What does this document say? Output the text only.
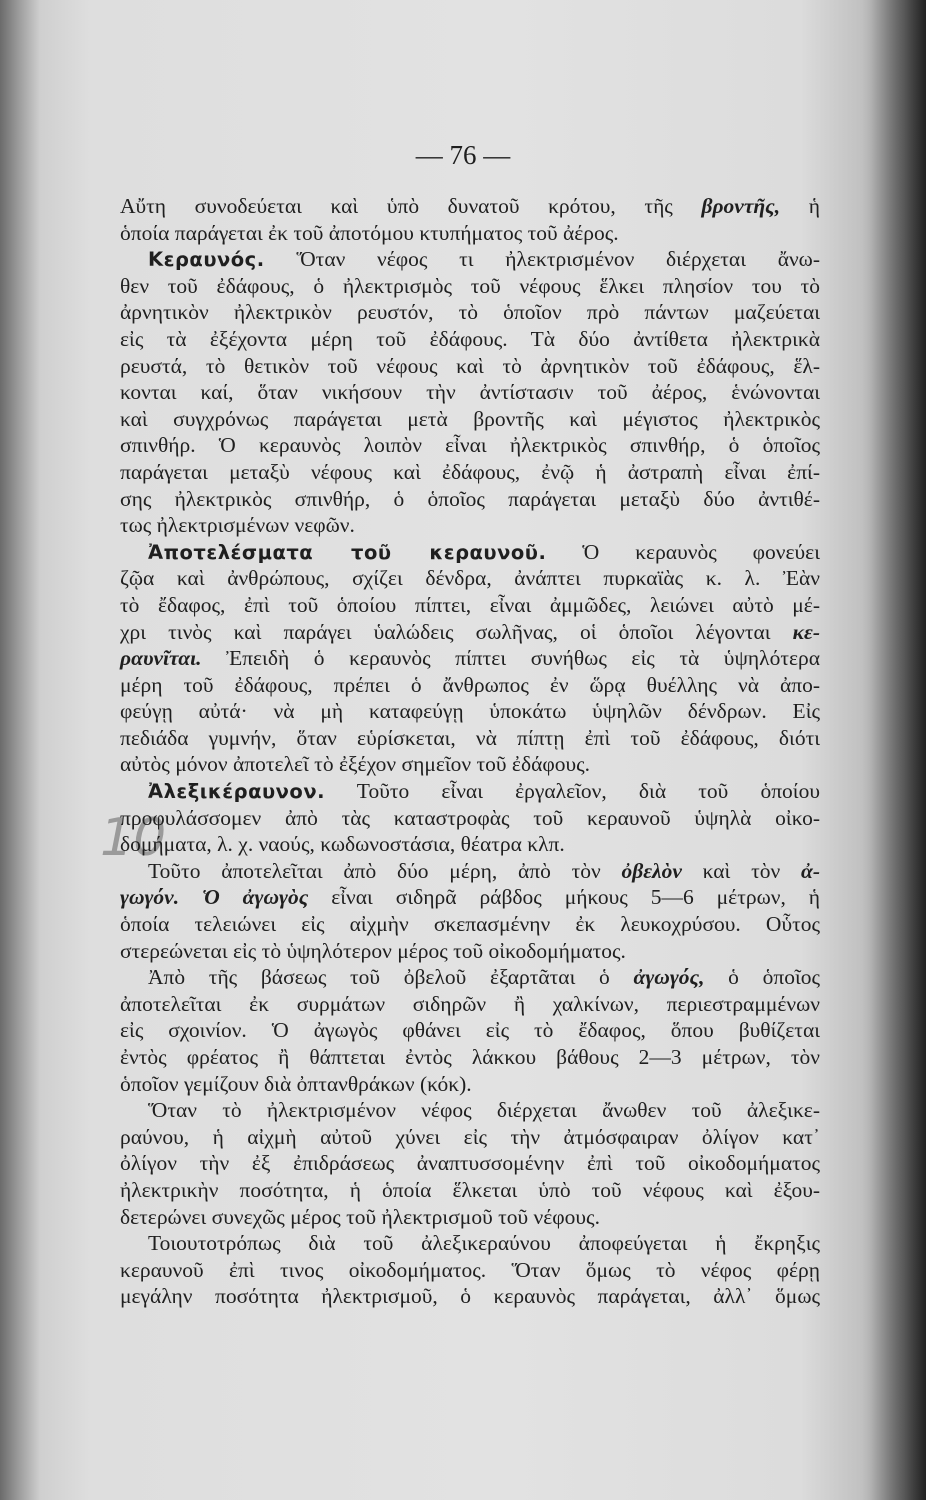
— 76 —
10
Αὔτη συνοδεύεται καὶ ὑπὸ δυνατοῦ κρότου, τῆς βροντῆς, ἡ
ὁποία παράγεται ἐκ τοῦ ἀποτόμου κτυπήματος τοῦ ἀέρος.
Κεραυνός. Ὅταν νέφος τι ἠλεκτρισμένον διέρχεται ἄνω-
θεν τοῦ ἐδάφους, ὁ ἠλεκτρισμὸς τοῦ νέφους ἕλκει πλησίον του τὸ
ἀρνητικὸν ἠλεκτρικὸν ρευστόν, τὸ ὁποῖον πρὸ πάντων μαζεύεται
εἰς τὰ ἐξέχοντα μέρη τοῦ ἐδάφους. Τὰ δύο ἀντίθετα ἠλεκτρικὰ
ρευστά, τὸ θετικὸν τοῦ νέφους καὶ τὸ ἀρνητικὸν τοῦ ἐδάφους, ἕλ-
κονται καί, ὅταν νικήσουν τὴν ἀντίστασιν τοῦ ἀέρος, ἑνώνονται
καὶ συγχρόνως παράγεται μετὰ βροντῆς καὶ μέγιστος ἠλεκτρικὸς
σπινθήρ. Ὁ κεραυνὸς λοιπὸν εἶναι ἠλεκτρικὸς σπινθήρ, ὁ ὁποῖος
παράγεται μεταξὺ νέφους καὶ ἐδάφους, ἐνῷ ἡ ἀστραπὴ εἶναι ἐπί-
σης ἠλεκτρικὸς σπινθήρ, ὁ ὁποῖος παράγεται μεταξὺ δύο ἀντιθέ-
τως ἠλεκτρισμένων νεφῶν.
Ἀποτελέσματα τοῦ κεραυνοῦ. Ὁ κεραυνὸς φονεύει
ζῷα καὶ ἀνθρώπους, σχίζει δένδρα, ἀνάπτει πυρκαϊὰς κ. λ. Ἐὰν
τὸ ἔδαφος, ἐπὶ τοῦ ὁποίου πίπτει, εἶναι ἀμμῶδες, λειώνει αὐτὸ μέ-
χρι τινὸς καὶ παράγει ὑαλώδεις σωλῆνας, οἱ ὁποῖοι λέγονται κε-
ραυνῖται. Ἐπειδὴ ὁ κεραυνὸς πίπτει συνήθως εἰς τὰ ὑψηλότερα
μέρη τοῦ ἐδάφους, πρέπει ὁ ἄνθρωπος ἐν ὥρᾳ θυέλλης νὰ ἀπο-
φεύγῃ αὐτά· νὰ μὴ καταφεύγῃ ὑποκάτω ὑψηλῶν δένδρων. Εἰς
πεδιάδα γυμνήν, ὅταν εὑρίσκεται, νὰ πίπτῃ ἐπὶ τοῦ ἐδάφους, διότι
αὐτὸς μόνον ἀποτελεῖ τὸ ἐξέχον σημεῖον τοῦ ἐδάφους.
Ἀλεξικέραυνον. Τοῦτο εἶναι ἐργαλεῖον, διὰ τοῦ ὁποίου
προφυλάσσομεν ἀπὸ τὰς καταστροφὰς τοῦ κεραυνοῦ ὑψηλὰ οἰκο-
δομήματα, λ. χ. ναούς, κωδωνοστάσια, θέατρα κλπ.
Τοῦτο ἀποτελεῖται ἀπὸ δύο μέρη, ἀπὸ τὸν ὀβελὸν καὶ τὸν ἀ-
γωγόν. Ὁ ἀγωγὸς εἶναι σιδηρᾶ ράβδος μήκους 5—6 μέτρων, ἡ
ὁποία τελειώνει εἰς αἰχμὴν σκεπασμένην ἐκ λευκοχρύσου. Οὗτος
στερεώνεται εἰς τὸ ὑψηλότερον μέρος τοῦ οἰκοδομήματος.
Ἀπὸ τῆς βάσεως τοῦ ὀβελοῦ ἐξαρτᾶται ὁ ἀγωγός, ὁ ὁποῖος
ἀποτελεῖται ἐκ συρμάτων σιδηρῶν ἢ χαλκίνων, περιεστραμμένων
εἰς σχοινίον. Ὁ ἀγωγὸς φθάνει εἰς τὸ ἔδαφος, ὅπου βυθίζεται
ἐντὸς φρέατος ἢ θάπτεται ἐντὸς λάκκου βάθους 2—3 μέτρων, τὸν
ὁποῖον γεμίζουν διὰ ὀπτανθράκων (κόκ).
Ὅταν τὸ ἠλεκτρισμένον νέφος διέρχεται ἄνωθεν τοῦ ἀλεξικε-
ραύνου, ἡ αἰχμὴ αὐτοῦ χύνει εἰς τὴν ἀτμόσφαιραν ὀλίγον κατ᾽
ὀλίγον τὴν ἐξ ἐπιδράσεως ἀναπτυσσομένην ἐπὶ τοῦ οἰκοδομήματος
ἠλεκτρικὴν ποσότητα, ἡ ὁποία ἕλκεται ὑπὸ τοῦ νέφους καὶ ἐξου-
δετερώνει συνεχῶς μέρος τοῦ ἠλεκτρισμοῦ τοῦ νέφους.
Τοιουτοτρόπως διὰ τοῦ ἀλεξικεραύνου ἀποφεύγεται ἡ ἔκρηξις
κεραυνοῦ ἐπὶ τινος οἰκοδομήματος. Ὅταν ὅμως τὸ νέφος φέρῃ
μεγάλην ποσότητα ἠλεκτρισμοῦ, ὁ κεραυνὸς παράγεται, ἀλλ᾽ ὅμως
